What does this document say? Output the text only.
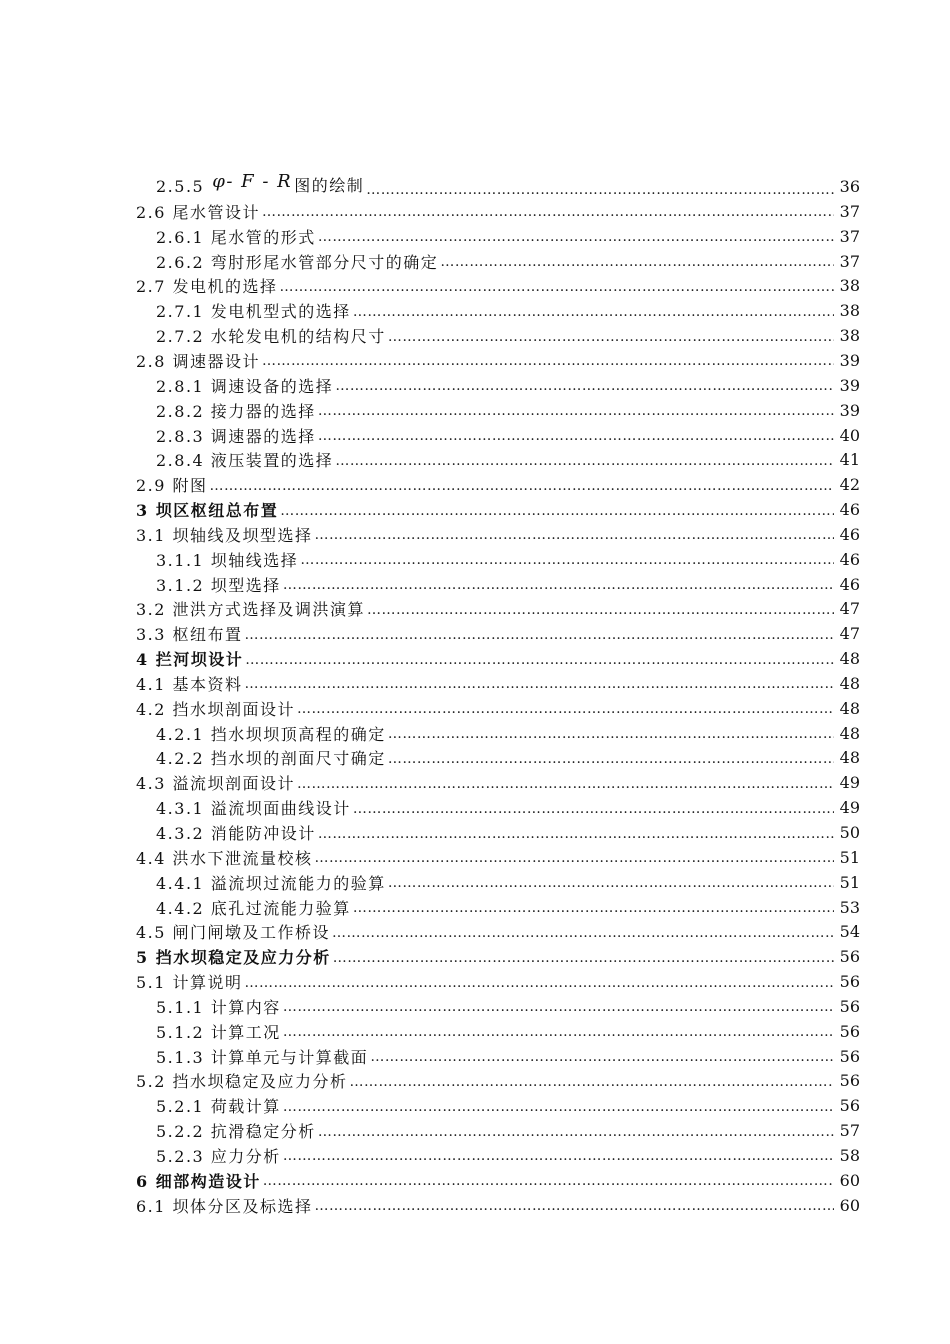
2.5.5 φ- F - R 图的绘制 ……………………………………………………………………………………………………………………………………………………………	36
2.6 尾水管设计 ……………………………………………………………………………………………………………………………………………………………	37
2.6.1 尾水管的形式 ……………………………………………………………………………………………………………………………………………………………	37
2.6.2 弯肘形尾水管部分尺寸的确定 ……………………………………………………………………………………………………………………………………………………………	37
2.7 发电机的选择 ……………………………………………………………………………………………………………………………………………………………	38
2.7.1 发电机型式的选择 ……………………………………………………………………………………………………………………………………………………………	38
2.7.2 水轮发电机的结构尺寸 ……………………………………………………………………………………………………………………………………………………………	38
2.8 调速器设计 ……………………………………………………………………………………………………………………………………………………………	39
2.8.1 调速设备的选择 ……………………………………………………………………………………………………………………………………………………………	39
2.8.2 接力器的选择 ……………………………………………………………………………………………………………………………………………………………	39
2.8.3 调速器的选择 ……………………………………………………………………………………………………………………………………………………………	40
2.8.4 液压装置的选择 ……………………………………………………………………………………………………………………………………………………………	41
2.9 附图 ……………………………………………………………………………………………………………………………………………………………	42
3 坝区枢纽总布置 ……………………………………………………………………………………………………………………………………………………………	46
3.1 坝轴线及坝型选择 ……………………………………………………………………………………………………………………………………………………………	46
3.1.1 坝轴线选择 ……………………………………………………………………………………………………………………………………………………………	46
3.1.2 坝型选择 ……………………………………………………………………………………………………………………………………………………………	46
3.2 泄洪方式选择及调洪演算 ……………………………………………………………………………………………………………………………………………………………	47
3.3 枢纽布置 ……………………………………………………………………………………………………………………………………………………………	47
4 拦河坝设计 ……………………………………………………………………………………………………………………………………………………………	48
4.1 基本资料 ……………………………………………………………………………………………………………………………………………………………	48
4.2 挡水坝剖面设计 ……………………………………………………………………………………………………………………………………………………………	48
4.2.1 挡水坝坝顶高程的确定 ……………………………………………………………………………………………………………………………………………………………	48
4.2.2 挡水坝的剖面尺寸确定 ……………………………………………………………………………………………………………………………………………………………	48
4.3 溢流坝剖面设计 ……………………………………………………………………………………………………………………………………………………………	49
4.3.1 溢流坝面曲线设计 ……………………………………………………………………………………………………………………………………………………………	49
4.3.2 消能防冲设计 ……………………………………………………………………………………………………………………………………………………………	50
4.4 洪水下泄流量校核 ……………………………………………………………………………………………………………………………………………………………	51
4.4.1 溢流坝过流能力的验算 ……………………………………………………………………………………………………………………………………………………………	51
4.4.2 底孔过流能力验算 ……………………………………………………………………………………………………………………………………………………………	53
4.5 闸门闸墩及工作桥设 ……………………………………………………………………………………………………………………………………………………………	54
5 挡水坝稳定及应力分析 ……………………………………………………………………………………………………………………………………………………………	56
5.1 计算说明 ……………………………………………………………………………………………………………………………………………………………	56
5.1.1 计算内容 ……………………………………………………………………………………………………………………………………………………………	56
5.1.2 计算工况 ……………………………………………………………………………………………………………………………………………………………	56
5.1.3 计算单元与计算截面 ……………………………………………………………………………………………………………………………………………………………	56
5.2 挡水坝稳定及应力分析 ……………………………………………………………………………………………………………………………………………………………	56
5.2.1 荷载计算 ……………………………………………………………………………………………………………………………………………………………	56
5.2.2 抗滑稳定分析 ……………………………………………………………………………………………………………………………………………………………	57
5.2.3 应力分析 ……………………………………………………………………………………………………………………………………………………………	58
6 细部构造设计 ……………………………………………………………………………………………………………………………………………………………	60
6.1 坝体分区及标选择 ……………………………………………………………………………………………………………………………………………………………	60
